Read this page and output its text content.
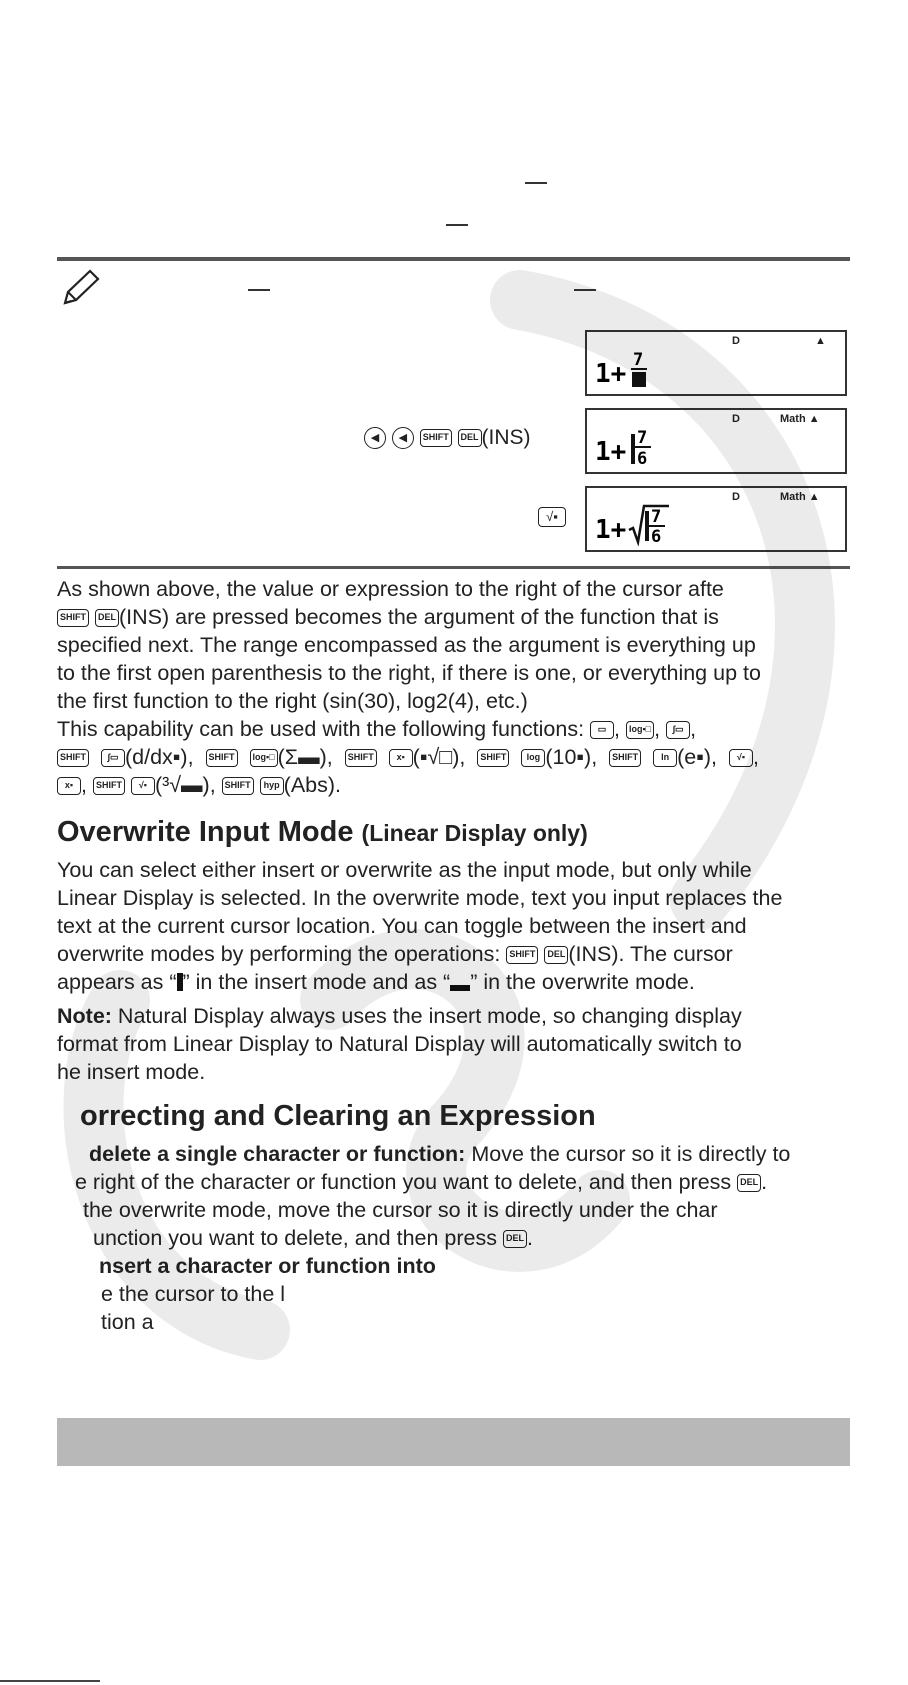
D	▲
1+ 7
◀ ◀ SHIFT DEL (INS)
D	Math ▲
1+ 7
6
√▪
D	Math ▲
1+ 7
6
As shown above, the value or expression to the right of the cursor afte
SHIFT DEL (INS) are pressed becomes the argument of the function that is
specified next. The range encompassed as the argument is everything up
to the first open parenthesis to the right, if there is one, or everything up to
the first function to the right (sin(30), log2(4), etc.)
This capability can be used with the following functions: ▭ , log▪□ , ∫▭ ,
SHIFT ∫▭ (d/dx▪), SHIFT log▪□ (Σ▬), SHIFT	x▪ (▪√□), SHIFT log (10▪), SHIFT	ln (e▪), √▪ ,
x▪ , SHIFT √▪ (³√▬), SHIFT hyp (Abs).
Overwrite Input Mode (Linear Display only)
You can select either insert or overwrite as the input mode, but only while
Linear Display is selected. In the overwrite mode, text you input replaces the
text at the current cursor location. You can toggle between the insert and
overwrite modes by performing the operations: SHIFT DEL (INS). The cursor
appears as “ ” in the insert mode and as “ ” in the overwrite mode.
Note: Natural Display always uses the insert mode, so changing display
format from Linear Display to Natural Display will automatically switch to
he insert mode.
orrecting and Clearing an Expression
delete a single character or function: Move the cursor so it is directly to
e right of the character or function you want to delete, and then press DEL .
the overwrite mode, move the cursor so it is directly under the char
unction you want to delete, and then press DEL .
nsert a character or function into
e the cursor to the l
tion a
